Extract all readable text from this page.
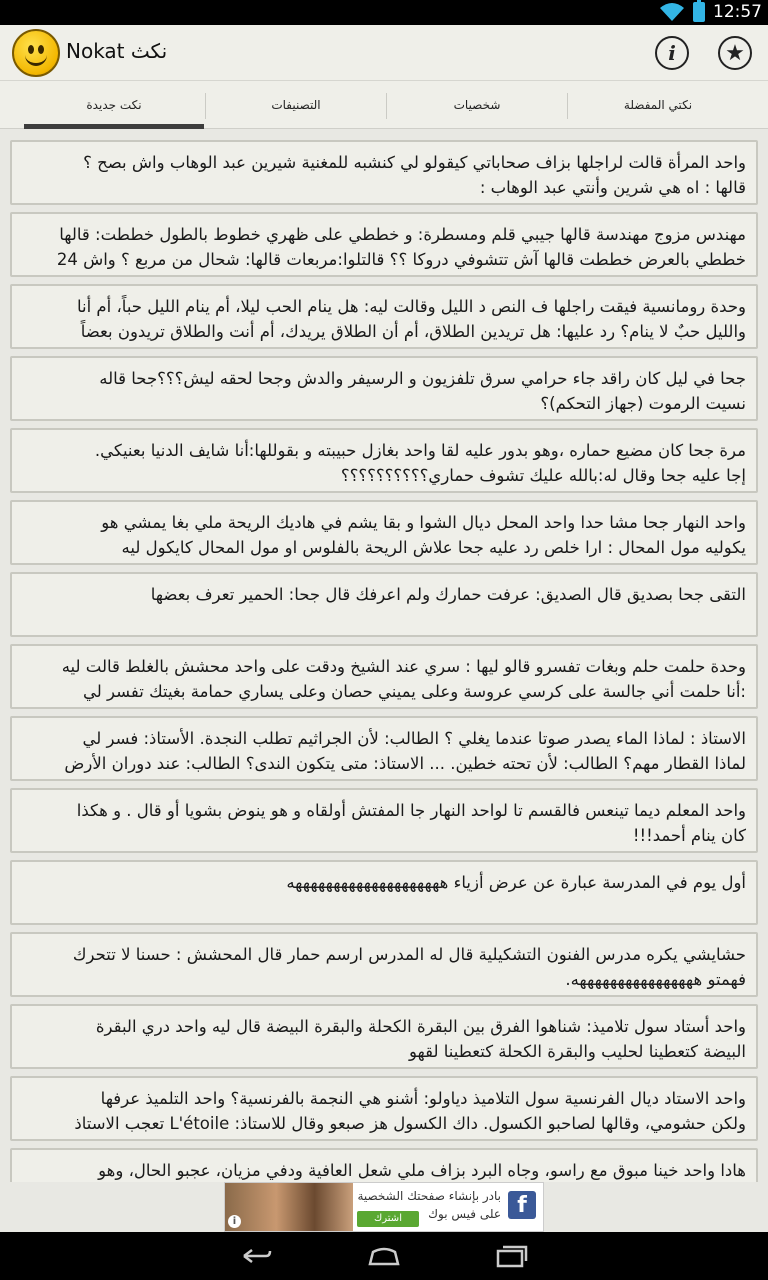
12:57
Nokat نكث	i	★
نكت جديدة	التصنيفات	شخصيات	نكتي المفضلة
واحد المرأة قالت لراجلها بزاف صحاباتي كيقولو لي كنشبه للمغنية شيرين عبد الوهاب واش بصح ؟
قالها : اه هي شرين وأنتي عبد الوهاب :
مهندس مزوج مهندسة قالها جيبي قلم ومسطرة: و خططي على ظهري خطوط بالطول خططت: قالها
خططي بالعرض خططت قالها آش تتشوفي دروكا ؟؟ قالتلوا:مربعات قالها: شحال من مربع ؟ واش 24
وحدة رومانسية فيقت راجلها ف النص د الليل وقالت ليه: هل ينام الحب ليلا، أم ينام الليل حباً، أم أنا
والليل حبٌ لا ينام؟ رد عليها: هل تريدين الطلاق، أم أن الطلاق يريدك، أم أنت والطلاق تريدون بعضاً
جحا في ليل كان راقد جاء حرامي سرق تلفزيون و الرسيفر والدش وجحا لحقه ليش؟؟؟جحا قاله
نسيت الرموت (جهاز التحكم)؟
مرة جحا كان مضيع حماره ،وهو بدور عليه لقا واحد بغازل حبيبته و بقوللها:أنا شايف الدنيا بعنيكي.
إجا عليه جحا وقال له:بالله عليك تشوف حماري؟؟؟؟؟؟؟؟؟؟
واحد النهار جحا مشا حدا واحد المحل ديال الشوا و بقا يشم في هاديك الريحة ملي بغا يمشي هو
يكوليه مول المحال : ارا خلص رد عليه جحا علاش الريحة بالفلوس او مول المحال كايكول ليه
التقى جحا بصديق قال الصديق: عرفت حمارك ولم اعرفك قال جحا: الحمير تعرف بعضها
وحدة حلمت حلم وبغات تفسرو قالو ليها : سري عند الشيخ ودقت على واحد محشش بالغلط قالت ليه
:أنا حلمت أني جالسة على كرسي عروسة وعلى يميني حصان وعلى يساري حمامة بغيتك تفسر لي
الاستاذ : لماذا الماء يصدر صوتا عندما يغلي ؟ الطالب: لأن الجراثيم تطلب النجدة. الأستاذ: فسر لي
لماذا القطار مهم؟ الطالب: لأن تحته خطين. ... الاستاذ: متى يتكون الندى؟ الطالب: عند دوران الأرض
واحد المعلم ديما تينعس فالقسم تا لواحد النهار جا المفتش أولقاه و هو ينوض بشويا أو قال . و هكذا
كان ينام أحمد!!!
أول يوم في المدرسة عبارة عن عرض أزياء ههههههههههههههههههههه
حشايشي يكره مدرس الفنون التشكيلية قال له المدرس ارسم حمار قال المحشش : حسنا لا تتحرك
فهمتو ههههههههههههههههه.
واحد أستاد سول تلاميذ: شناهوا الفرق بين البقرة الكحلة والبقرة البيضة قال ليه واحد دري البقرة
البيضة كتعطينا لحليب والبقرة الكحلة كتعطينا لقهو
واحد الاستاد ديال الفرنسية سول التلاميذ دياولو: أشنو هي النجمة بالفرنسية؟ واحد التلميذ عرفها
ولكن حشومي، وقالها لصاحبو الكسول. داك الكسول هز صبعو وقال للاستاذ: L'étoile تعجب الاستاذ
هادا واحد خينا مبوق مع راسو، وجاه البرد بزاف ملي شعل العافية ودفي مزيان، عجبو الحال، وهو
i
بادر بإنشاء صفحتك الشخصية
على فيس بوك
اشترك
f
